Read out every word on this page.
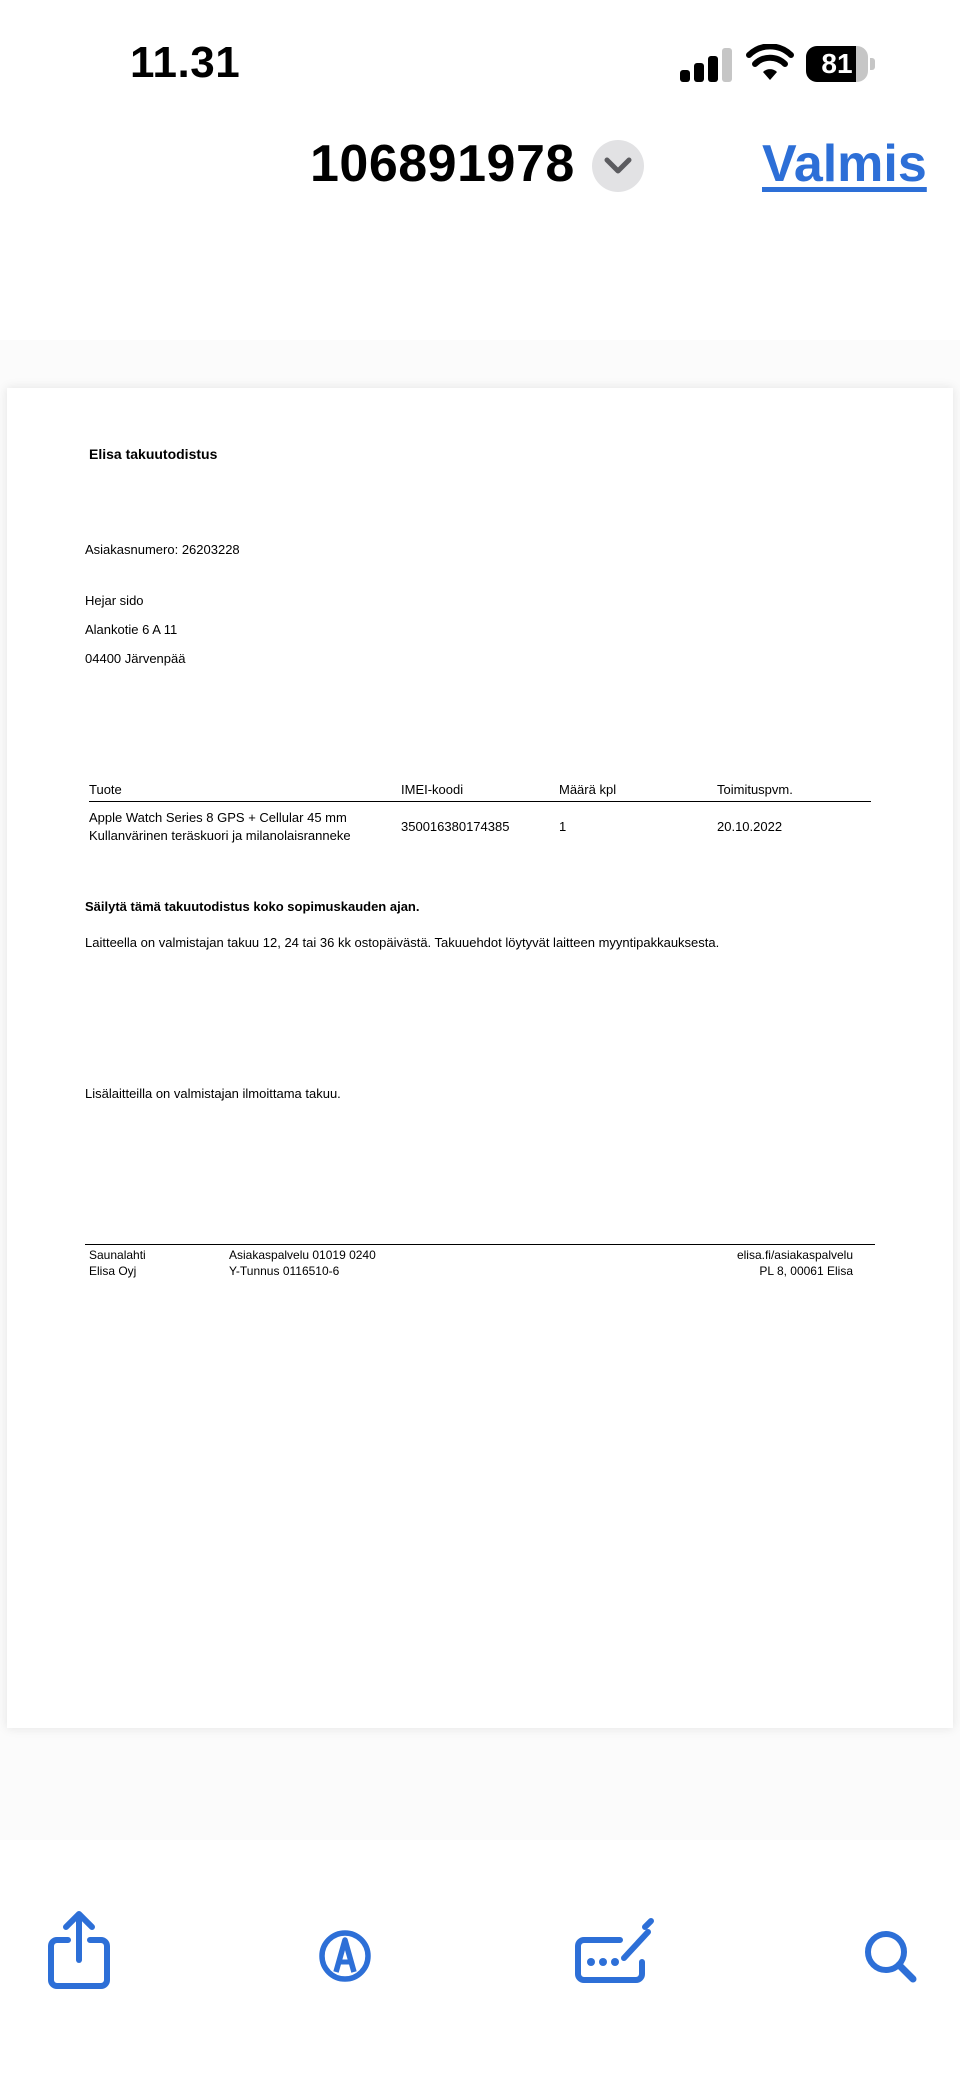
11.31	81
106891978	Valmis
Elisa takuutodistus
Asiakasnumero: 26203228
Hejar sido
Alankotie 6 A 11
04400 Järvenpää
Tuote	IMEI-koodi	Määrä kpl	Toimituspvm.
Apple Watch Series 8 GPS + Cellular 45 mm
Kullanvärinen teräskuori ja milanolaisranneke
350016380174385	1	20.10.2022
Säilytä tämä takuutodistus koko sopimuskauden ajan.
Laitteella on valmistajan takuu 12, 24 tai 36 kk ostopäivästä. Takuuehdot löytyvät laitteen myyntipakkauksesta.
Lisälaitteilla on valmistajan ilmoittama takuu.
Saunalahti
Elisa Oyj
Asiakaspalvelu 01019 0240
Y-Tunnus 0116510-6
elisa.fi/asiakaspalvelu
PL 8, 00061 Elisa
